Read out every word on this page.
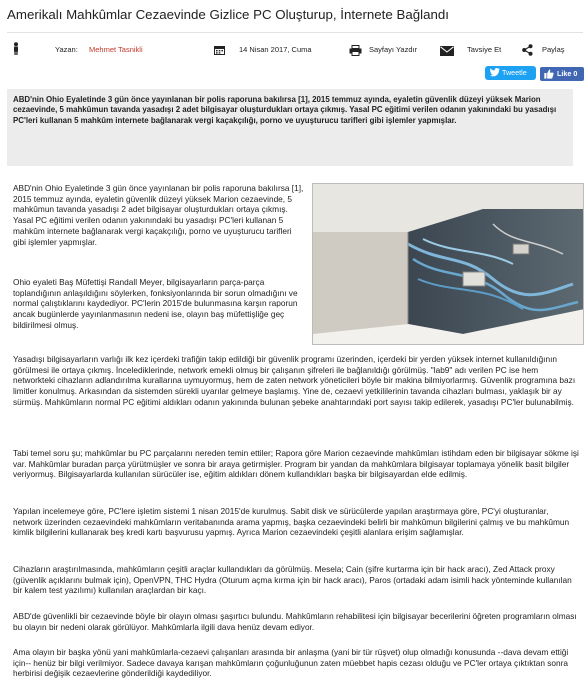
Amerikalı Mahkûmlar Cezaevinde Gizlice PC Oluşturup, İnternete Bağlandı
Yazan: Mehmet Tasnikli	14 Nisan 2017, Cuma	Sayfayı Yazdır	Tavsiye Et	Paylaş
Tweetle	Like 0
ABD'nin Ohio Eyaletinde 3 gün önce yayınlanan bir polis raporuna bakılırsa [1], 2015 temmuz ayında, eyaletin güvenlik düzeyi yüksek Marion cezaevinde, 5 mahkûmun tavanda yasadışı 2 adet bilgisayar oluşturdukları ortaya çıkmış. Yasal PC eğitimi verilen odanın yakınındaki bu yasadışı PC'leri kullanan 5 mahkûm internete bağlanarak vergi kaçakçılığı, porno ve uyuşturucu tarifleri gibi işlemler yapmışlar.

ABD'nin Ohio Eyaletinde 3 gün önce yayınlanan bir polis raporuna bakılırsa [1], 2015 temmuz ayında, eyaletin güvenlik düzeyi yüksek Marion cezaevinde, 5 mahkûmun tavanda yasadışı 2 adet bilgisayar oluşturdukları ortaya çıkmış. Yasal PC eğitimi verilen odanın yakınındaki bu yasadışı PC'leri kullanan 5 mahkûm internete bağlanarak vergi kaçakçılığı, porno ve uyuşturucu tarifleri gibi işlemler yapmışlar.

Ohio eyaleti Baş Müfettişi Randall Meyer, bilgisayarların parça-parça toplandığının anlaşıldığını söylerken, fonksiyonlarında bir sorun olmadığını ve normal çalıştıklarını kaydediyor. PC'lerin 2015'de bulunmasına karşın raporun ancak bugünlerde yayınlanmasının nedeni ise, olayın baş müfettişliğe geç bildirilmesi olmuş.

Yasadışı bilgisayarların varlığı ilk kez içerdeki trafiğin takip edildiği bir güvenlik programı üzerinden, içerdeki bir yerden yüksek internet kullanıldığının görülmesi ile ortaya çıkmış. İncelediklerinde, network emekli olmuş bir çalışanın şifreleri ile bağlanıldığı görülmüş. "lab9" adı verilen PC ise hem networkteki cihazların adlandırılma kurallarına uymuyormuş, hem de zaten network yöneticileri böyle bir makina bilmiyorlarmış. Güvenlik programına bazı limitler konulmuş. Arkasından da sistemden sürekli uyarılar gelmeye başlamış. Yine de, cezaevi yetkililerinin tavanda cihazları bulması, yaklaşık bir ay sürmüş. Mahkûmların normal PC eğitimi aldıkları odanın yakınında bulunan şebeke anahtarındaki port sayısı takip edilerek, yasadışı PC'ler bulunabilmiş.

Tabi temel soru şu; mahkûmlar bu PC parçalarını nereden temin ettiler; Rapora göre Marion cezaevinde mahkûmları istihdam eden bir bilgisayar sökme işi var. Mahkûmlar buradan parça yürütmüşler ve sonra bir araya getirmişler. Program bir yandan da mahkûmlara bilgisayar toplamaya yönelik basit bilgiler veriyormuş. Bilgisayarlarda kullanılan sürücüler ise, eğitim aldıkları dönem kullandıkları başka bir bilgisayardan elde edilmiş.

Yapılan incelemeye göre, PC'lere işletim sistemi 1 nisan 2015'de kurulmuş. Sabit disk ve sürücülerde yapılan araştırmaya göre, PC'yi oluşturanlar, network üzerinden cezaevindeki mahkûmların veritabanında arama yapmış, başka cezaevindeki belirli bir mahkûmun bilgilerini çalmış ve bu mahkûmun kimlik bilgilerini kullanarak beş kredi kartı başvurusu yapmış. Ayrıca Marion cezaevindeki çeşitli alanlara erişim sağlamışlar.

Cihazların araştırılmasında, mahkûmların çeşitli araçlar kullandıkları da görülmüş. Mesela; Cain (şifre kurtarma için bir hack aracı), Zed Attack proxy (güvenlik açıklarını bulmak için), OpenVPN, THC Hydra (Oturum açma kırma için bir hack aracı), Paros (ortadaki adam isimli hack yönteminde kullanılan bir kalem test yazılımı) kullanılan araçlardan bir kaçı.

ABD'de güvenlikli bir cezaevinde böyle bir olayın olması şaşırtıcı bulundu. Mahkûmların rehabilitesi için bilgisayar becerilerini öğreten programların olması bu olayın bir nedeni olarak görülüyor. Mahkûmlarla ilgili dava henüz devam ediyor.

Ama olayın bir başka yönü yani mahkûmlarla-cezaevi çalışanları arasında bir anlaşma (yani bir tür rüşvet) olup olmadığı konusunda --dava devam ettiği için-- henüz bir bilgi verilmiyor. Sadece davaya karışan mahkûmların çoğunluğunun zaten müebbet hapis cezası olduğu ve PC'ler ortaya çıktıktan sonra herbirisi değişik cezaevlerine gönderildiği kaydediliyor.
